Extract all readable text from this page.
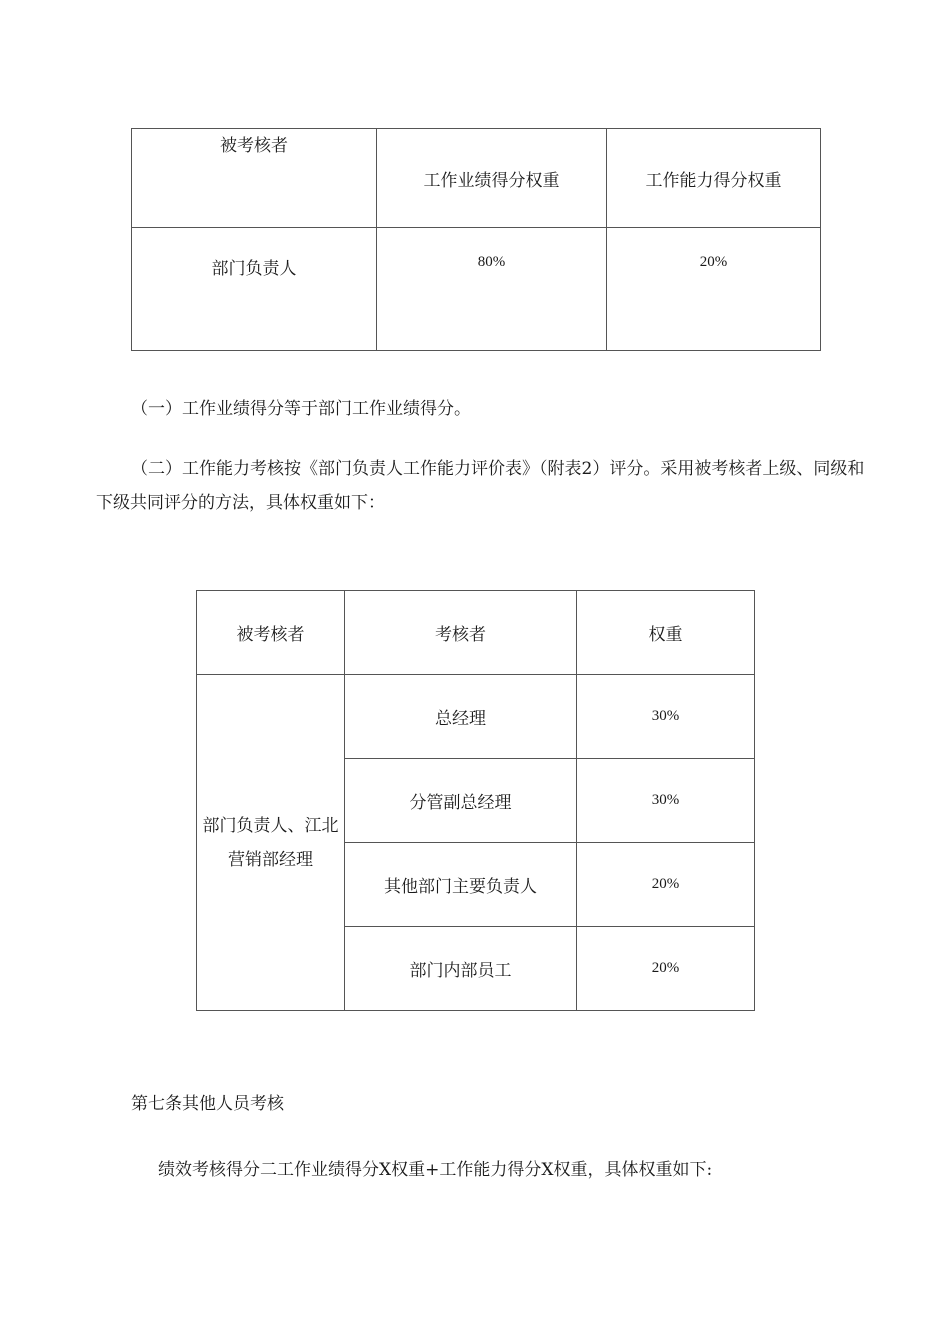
被考核者	工作业绩得分权重	工作能力得分权重
部门负责人	80%	20%
（一）工作业绩得分等于部门工作业绩得分。
（二）工作能力考核按《部门负责人工作能力评价表》（附表2）评分。采用被考核者上级、同级和下级共同评分的方法，具体权重如下：
被考核者	考核者	权重
部门负责人、江北营销部经理	总经理	30%
	分管副总经理	30%
	其他部门主要负责人	20%
	部门内部员工	20%
第七条其他人员考核
绩效考核得分二工作业绩得分X权重+工作能力得分X权重，具体权重如下:
